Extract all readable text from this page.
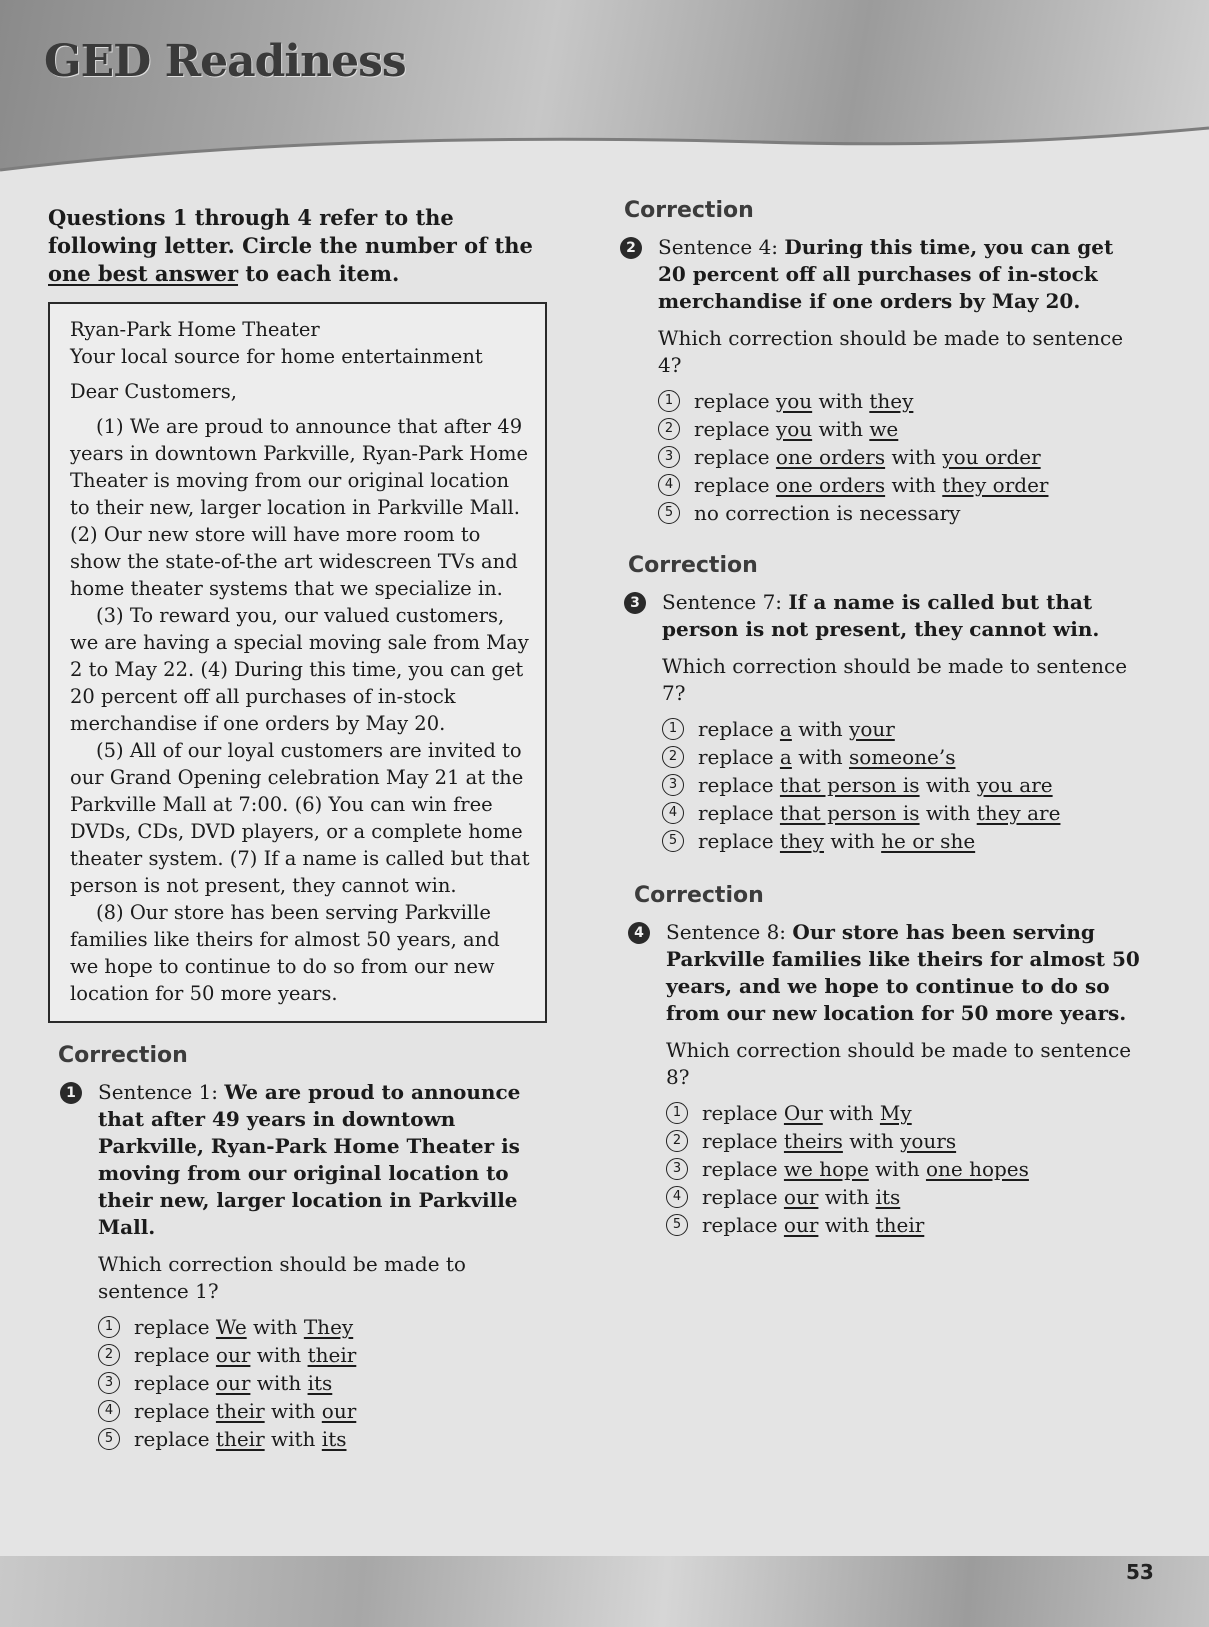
GED Readiness

Questions 1 through 4 refer to the following letter. Circle the number of the one best answer to each item.

Ryan-Park Home Theater

Your local source for home entertainment

Dear Customers,

(1) We are proud to announce that after 49 years in downtown Parkville, Ryan-Park Home Theater is moving from our original location to their new, larger location in Parkville Mall.

(2) Our new store will have more room to show the state-of-the art widescreen TVs and home theater systems that we specialize in.

(3) To reward you, our valued customers, we are having a special moving sale from May 2 to May 22. (4) During this time, you can get 20 percent off all purchases of in-stock merchandise if one orders by May 20.

(5) All of our loyal customers are invited to our Grand Opening celebration May 21 at the Parkville Mall at 7:00. (6) You can win free DVDs, CDs, DVD players, or a complete home theater system. (7) If a name is called but that person is not present, they cannot win.

(8) Our store has been serving Parkville families like theirs for almost 50 years, and we hope to continue to do so from our new location for 50 more years.

Correction
1	Sentence 1: We are proud to announce that after 49 years in downtown Parkville, Ryan-Park Home Theater is moving from our original location to their new, larger location in Parkville Mall.

Which correction should be made to sentence 1?

1	replace We with They
2	replace our with their
3	replace our with its
4	replace their with our
5	replace their with its
Correction
2	Sentence 4: During this time, you can get 20 percent off all purchases of in-stock merchandise if one orders by May 20.

Which correction should be made to sentence 4?

1	replace you with they
2	replace you with we
3	replace one orders with you order
4	replace one orders with they order
5	no correction is necessary
Correction
3	Sentence 7: If a name is called but that person is not present, they cannot win.

Which correction should be made to sentence 7?

1	replace a with your
2	replace a with someone’s
3	replace that person is with you are
4	replace that person is with they are
5	replace they with he or she
Correction
4	Sentence 8: Our store has been serving Parkville families like theirs for almost 50 years, and we hope to continue to do so from our new location for 50 more years.

Which correction should be made to sentence 8?

1	replace Our with My
2	replace theirs with yours
3	replace we hope with one hopes
4	replace our with its
5	replace our with their
53
